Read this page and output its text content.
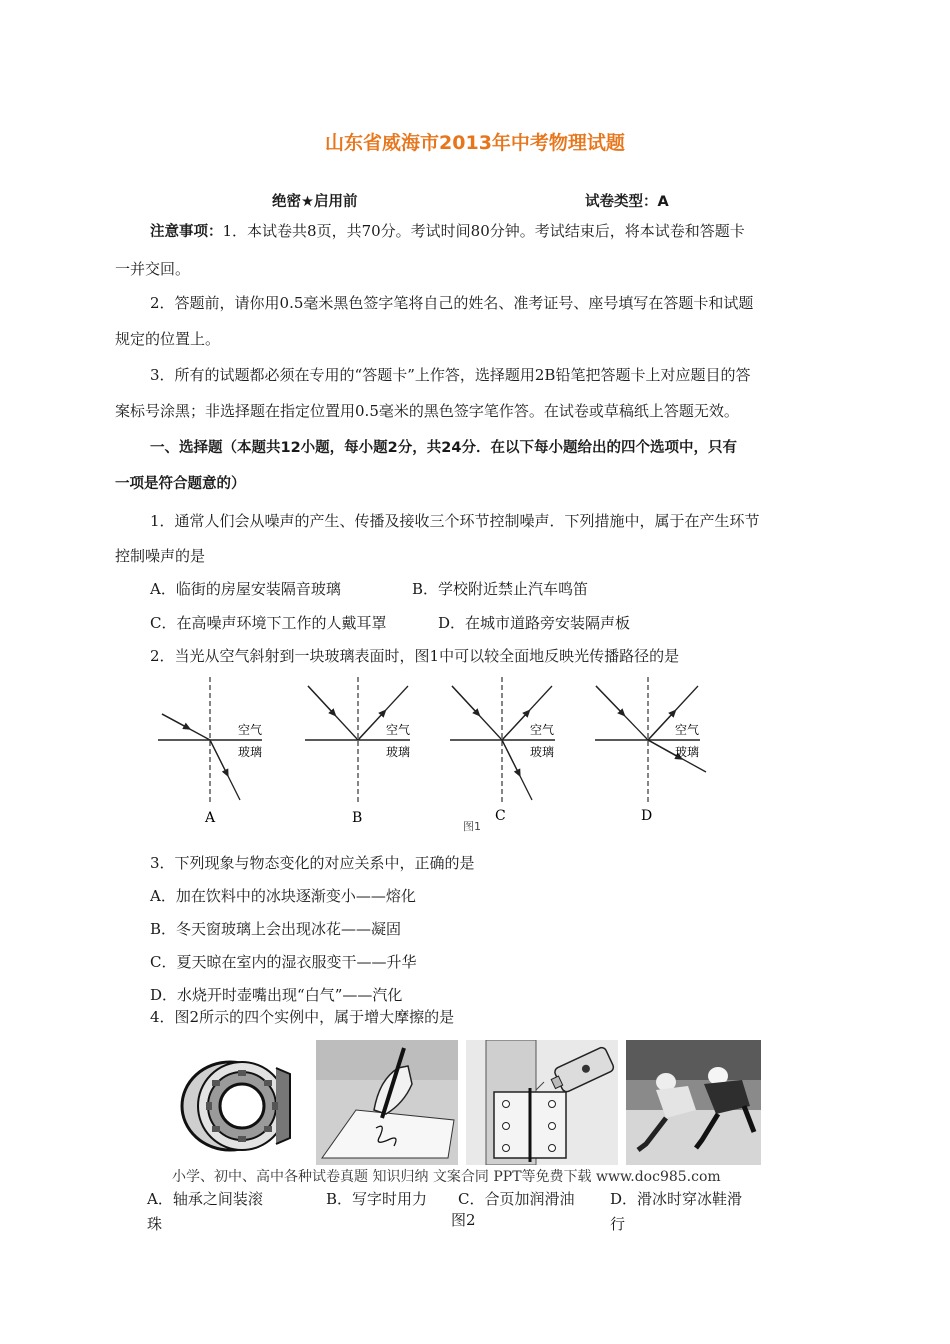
山东省威海市2013年中考物理试题
绝密★启用前	试卷类型：A
注意事项：1．本试卷共8页，共70分。考试时间80分钟。考试结束后，将本试卷和答题卡
一并交回。
2．答题前，请你用0.5毫米黑色签字笔将自己的姓名、准考证号、座号填写在答题卡和试题
规定的位置上。
3．所有的试题都必须在专用的“答题卡”上作答，选择题用2B铅笔把答题卡上对应题目的答
案标号涂黑；非选择题在指定位置用0.5毫米的黑色签字笔作答。在试卷或草稿纸上答题无效。
一、选择题（本题共12小题，每小题2分，共24分．在以下每小题给出的四个选项中，只有
一项是符合题意的）
1．通常人们会从噪声的产生、传播及接收三个环节控制噪声．下列措施中，属于在产生环节
控制噪声的是
A．临街的房屋安装隔音玻璃	B．学校附近禁止汽车鸣笛
C．在高噪声环境下工作的人戴耳罩	D．在城市道路旁安装隔声板
2．当光从空气斜射到一块玻璃表面时，图1中可以较全面地反映光传播路径的是
空气
玻璃
A
空气
玻璃
B
空气
玻璃
C
图1
空气
玻璃
D
3．下列现象与物态变化的对应关系中，正确的是
A．加在饮料中的冰块逐渐变小——熔化
B．冬天窗玻璃上会出现冰花——凝固
C．夏天晾在室内的湿衣服变干——升华
D．水烧开时壶嘴出现“白气”——汽化
4．图2所示的四个实例中，属于增大摩擦的是
小学、初中、高中各种试卷真题 知识归纳 文案合同 PPT等免费下载 www.doc985.com
A．轴承之间装滚
珠
B．写字时用力 C．合页加润滑油
图2
D．滑冰时穿冰鞋滑
行
